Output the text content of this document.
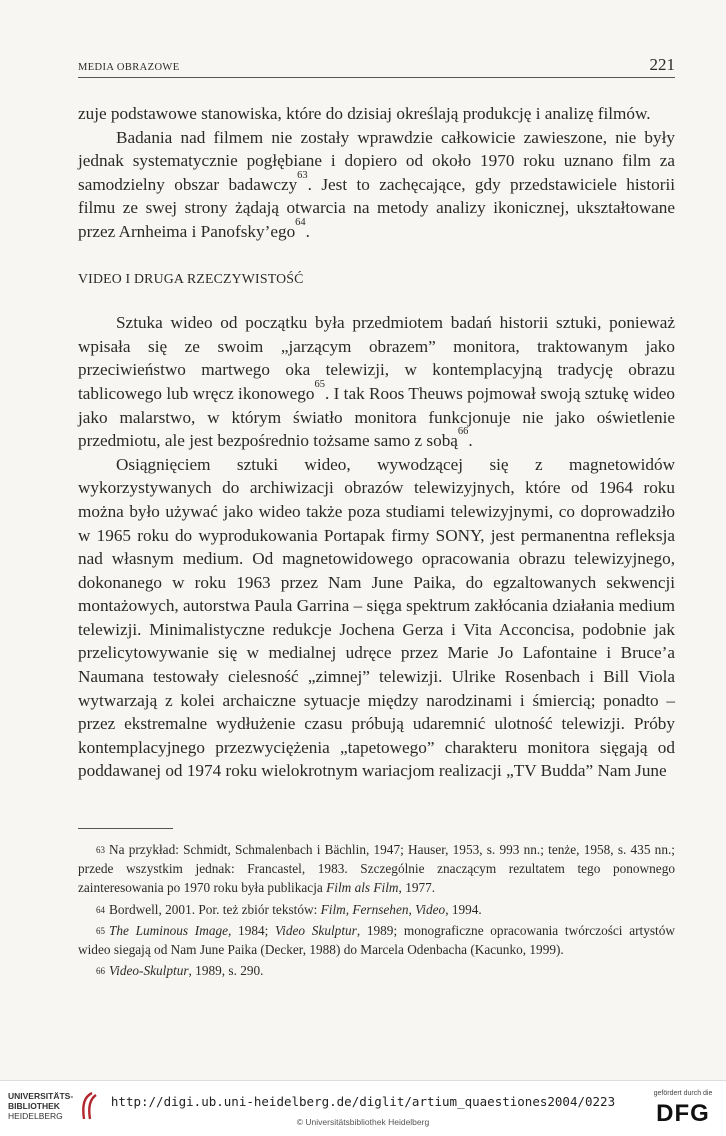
MEDIA OBRAZOWE	221

zuje podstawowe stanowiska, które do dzisiaj określają produkcję i analizę filmów.

Badania nad filmem nie zostały wprawdzie całkowicie zawieszone, nie były jednak systematycznie pogłębiane i dopiero od około 1970 roku uznano film za samodzielny obszar badawczy$^{63}$. Jest to zachęcające, gdy przedstawiciele historii filmu ze swej strony żądają otwarcia na metody analizy ikonicznej, ukształtowane przez Arnheima i Panofsky’ego$^{64}$.

VIDEO I DRUGA RZECZYWISTOŚĆ

Sztuka wideo od początku była przedmiotem badań historii sztuki, ponieważ wpisała się ze swoim „jarzącym obrazem” monitora, traktowanym jako przeciwieństwo martwego oka telewizji, w kontemplacyjną tradycję obrazu tablicowego lub wręcz ikonowego$^{65}$. I tak Roos Theuws pojmował swoją sztukę wideo jako malarstwo, w którym światło monitora funkcjonuje nie jako oświetlenie przedmiotu, ale jest bezpośrednio tożsame samo z sobą$^{66}$.

Osiągnięciem sztuki wideo, wywodzącej się z magnetowidów wykorzystywanych do archiwizacji obrazów telewizyjnych, które od 1964 roku można było używać jako wideo także poza studiami telewizyjnymi, co doprowadziło w 1965 roku do wyprodukowania Portapak firmy SONY, jest permanentna refleksja nad własnym medium. Od magnetowidowego opracowania obrazu telewizyjnego, dokonanego w roku 1963 przez Nam June Paika, do egzaltowanych sekwencji montażowych, autorstwa Paula Garrina – sięga spektrum zakłócania działania medium telewizji. Minimalistyczne redukcje Jochena Gerza i Vita Acconcisa, podobnie jak przelicytowywanie się w medialnej udręce przez Marie Jo Lafontaine i Bruce’a Naumana testowały cielesność „zimnej” telewizji. Ulrike Rosenbach i Bill Viola wytwarzają z kolei archaiczne sytuacje między narodzinami i śmiercią; ponadto – przez ekstremalne wydłużenie czasu próbują udaremnić ulotność telewizji. Próby kontemplacyjnego przezwyciężenia „tapetowego” charakteru monitora sięgają od poddawanej od 1974 roku wielokrotnym wariacjom realizacji „TV Budda” Nam June

$^{63}$ Na przykład: Schmidt, Schmalenbach i Bächlin, 1947; Hauser, 1953, s. 993 nn.; tenże, 1958, s. 435 nn.; przede wszystkim jednak: Francastel, 1983. Szczególnie znaczącym rezultatem tego ponownego zainteresowania po 1970 roku była publikacja Film als Film, 1977.

$^{64}$ Bordwell, 2001. Por. też zbiór tekstów: Film, Fernsehen, Video, 1994.

$^{65}$ The Luminous Image, 1984; Video Skulptur, 1989; monograficzne opracowania twórczości artystów wideo siegają od Nam June Paika (Decker, 1988) do Marcela Odenbacha (Kacunko, 1999).

$^{66}$ Video-Skulptur, 1989, s. 290.

UNIVERSITÄTS-
BIBLIOTHEK
HEIDELBERG
http://digi.ub.uni-heidelberg.de/diglit/artium_quaestiones2004/0223
© Universitätsbibliothek Heidelberg
gefördert durch die
DFG
